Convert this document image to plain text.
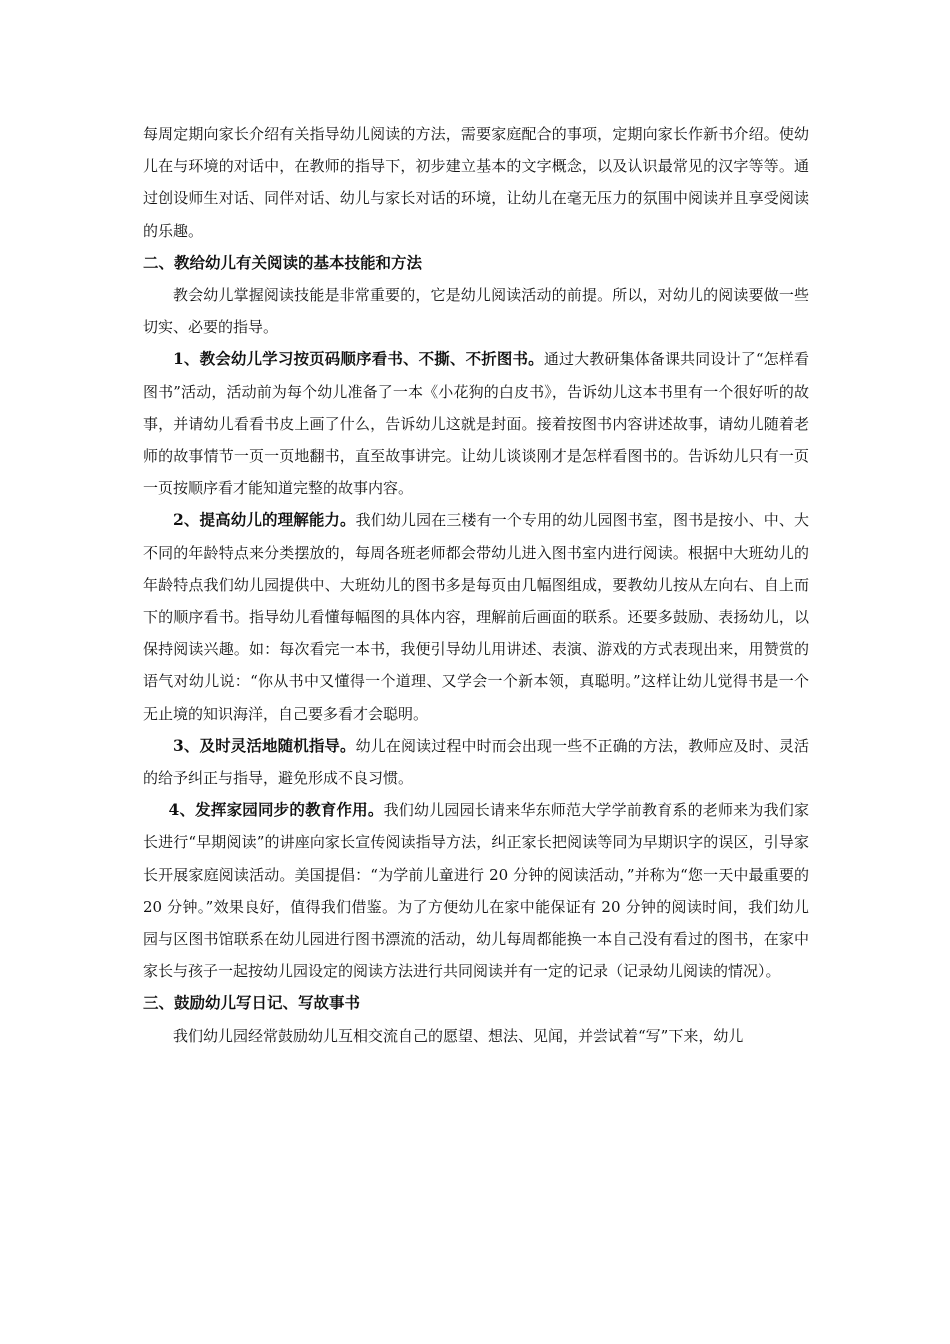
每周定期向家长介绍有关指导幼儿阅读的方法，需要家庭配合的事项，定期向家长作新书介绍。使幼儿在与环境的对话中，在教师的指导下，初步建立基本的文字概念，以及认识最常见的汉字等等。通过创设师生对话、同伴对话、幼儿与家长对话的环境，让幼儿在毫无压力的氛围中阅读并且享受阅读的乐趣。

二、教给幼儿有关阅读的基本技能和方法

教会幼儿掌握阅读技能是非常重要的，它是幼儿阅读活动的前提。所以，对幼儿的阅读要做一些切实、必要的指导。

1、教会幼儿学习按页码顺序看书、不撕、不折图书。通过大教研集体备课共同设计了“怎样看图书”活动，活动前为每个幼儿准备了一本《小花狗的白皮书》，告诉幼儿这本书里有一个很好听的故事，并请幼儿看看书皮上画了什么，告诉幼儿这就是封面。接着按图书内容讲述故事，请幼儿随着老师的故事情节一页一页地翻书，直至故事讲完。让幼儿谈谈刚才是怎样看图书的。告诉幼儿只有一页一页按顺序看才能知道完整的故事内容。

2、提高幼儿的理解能力。我们幼儿园在三楼有一个专用的幼儿园图书室，图书是按小、中、大不同的年龄特点来分类摆放的，每周各班老师都会带幼儿进入图书室内进行阅读。根据中大班幼儿的年龄特点我们幼儿园提供中、大班幼儿的图书多是每页由几幅图组成，要教幼儿按从左向右、自上而下的顺序看书。指导幼儿看懂每幅图的具体内容，理解前后画面的联系。还要多鼓励、表扬幼儿，以保持阅读兴趣。如：每次看完一本书，我便引导幼儿用讲述、表演、游戏的方式表现出来，用赞赏的语气对幼儿说：“你从书中又懂得一个道理、又学会一个新本领，真聪明。”这样让幼儿觉得书是一个无止境的知识海洋，自己要多看才会聪明。

3、及时灵活地随机指导。幼儿在阅读过程中时而会出现一些不正确的方法，教师应及时、灵活的给予纠正与指导，避免形成不良习惯。

4、发挥家园同步的教育作用。我们幼儿园园长请来华东师范大学学前教育系的老师来为我们家长进行“早期阅读”的讲座向家长宣传阅读指导方法，纠正家长把阅读等同为早期识字的误区，引导家长开展家庭阅读活动。美国提倡：“为学前儿童进行 20 分钟的阅读活动，”并称为“您一天中最重要的 20 分钟。”效果良好，值得我们借鉴。为了方便幼儿在家中能保证有 20 分钟的阅读时间，我们幼儿园与区图书馆联系在幼儿园进行图书漂流的活动，幼儿每周都能换一本自己没有看过的图书，在家中家长与孩子一起按幼儿园设定的阅读方法进行共同阅读并有一定的记录（记录幼儿阅读的情况）。

三、鼓励幼儿写日记、写故事书

我们幼儿园经常鼓励幼儿互相交流自己的愿望、想法、见闻，并尝试着“写”下来，幼儿
